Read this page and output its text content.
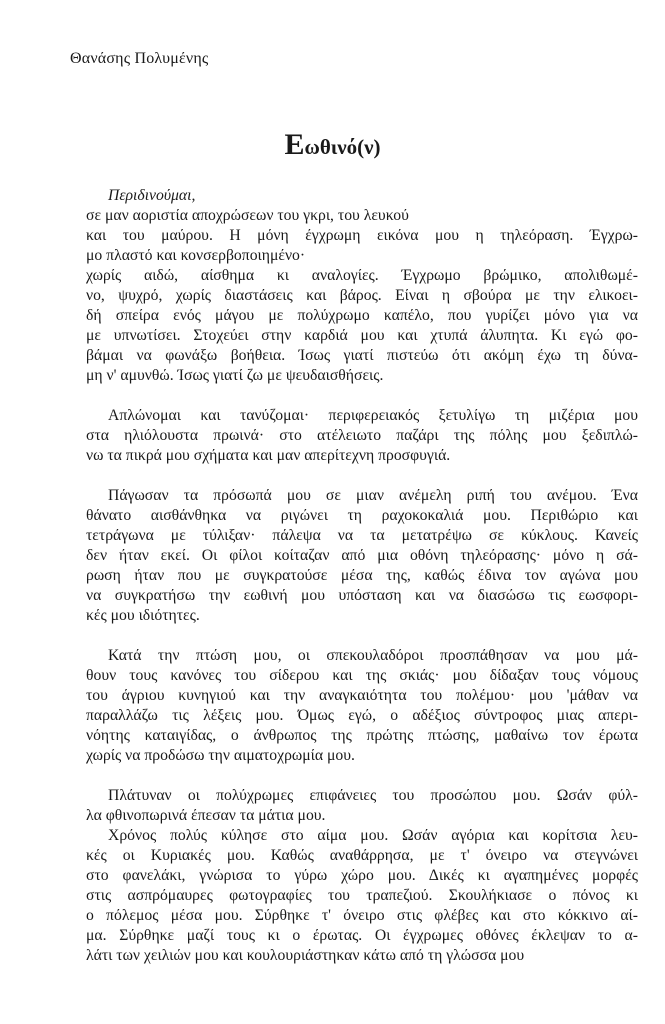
Θανάσης Πολυμένης
Εωθινό(ν)
Περιδινούμαι,
σε μαν αοριστία αποχρώσεων του γκρι, του λευκού
και του μαύρου. Η μόνη έγχρωμη εικόνα μου η τηλεόραση. Έγχρω-
μο πλαστό και κονσερβοποιημένο·
χωρίς αιδώ, αίσθημα κι αναλογίες. Έγχρωμο βρώμικο, απολιθωμέ-
νο, ψυχρό, χωρίς διαστάσεις και βάρος. Είναι η σβούρα με την ελικοει-
δή σπείρα ενός μάγου με πολύχρωμο καπέλο, που γυρίζει μόνο για να
με υπνωτίσει. Στοχεύει στην καρδιά μου και χτυπά άλυπητα. Κι εγώ φο-
βάμαι να φωνάξω βοήθεια. Ίσως γιατί πιστεύω ότι ακόμη έχω τη δύνα-
μη ν' αμυνθώ. Ίσως γιατί ζω με ψευδαισθήσεις.
Απλώνομαι και τανύζομαι· περιφερειακός ξετυλίγω τη μιζέρια μου
στα ηλιόλουστα πρωινά· στο ατέλειωτο παζάρι της πόλης μου ξεδιπλώ-
νω τα πικρά μου σχήματα και μαν απερίτεχνη προσφυγιά.
Πάγωσαν τα πρόσωπά μου σε μιαν ανέμελη ριπή του ανέμου. Ένα
θάνατο αισθάνθηκα να ριγώνει τη ραχοκοκαλιά μου. Περιθώριο και
τετράγωνα με τύλιξαν· πάλεψα να τα μετατρέψω σε κύκλους. Κανείς
δεν ήταν εκεί. Οι φίλοι κοίταζαν από μια οθόνη τηλεόρασης· μόνο η σά-
ρωση ήταν που με συγκρατούσε μέσα της, καθώς έδινα τον αγώνα μου
να συγκρατήσω την εωθινή μου υπόσταση και να διασώσω τις εωσφορι-
κές μου ιδιότητες.
Κατά την πτώση μου, οι σπεκουλαδόροι προσπάθησαν να μου μά-
θουν τους κανόνες του σίδερου και της σκιάς· μου δίδαξαν τους νόμους
του άγριου κυνηγιού και την αναγκαιότητα του πολέμου· μου 'μάθαν να
παραλλάζω τις λέξεις μου. Όμως εγώ, ο αδέξιος σύντροφος μιας απερι-
νόητης καταιγίδας, ο άνθρωπος της πρώτης πτώσης, μαθαίνω τον έρωτα
χωρίς να προδώσω την αιματοχρωμία μου.
Πλάτυναν οι πολύχρωμες επιφάνειες του προσώπου μου. Ωσάν φύλ-
λα φθινοπωρινά έπεσαν τα μάτια μου.
Χρόνος πολύς κύλησε στο αίμα μου. Ωσάν αγόρια και κορίτσια λευ-
κές οι Κυριακές μου. Καθώς αναθάρρησα, με τ' όνειρο να στεγνώνει
στο φανελάκι, γνώρισα το γύρω χώρο μου. Δικές κι αγαπημένες μορφές
στις ασπρόμαυρες φωτογραφίες του τραπεζιού. Σκουλήκιασε ο πόνος κι
ο πόλεμος μέσα μου. Σύρθηκε τ' όνειρο στις φλέβες και στο κόκκινο αί-
μα. Σύρθηκε μαζί τους κι ο έρωτας. Οι έγχρωμες οθόνες έκλεψαν το α-
λάτι των χειλιών μου και κουλουριάστηκαν κάτω από τη γλώσσα μου
